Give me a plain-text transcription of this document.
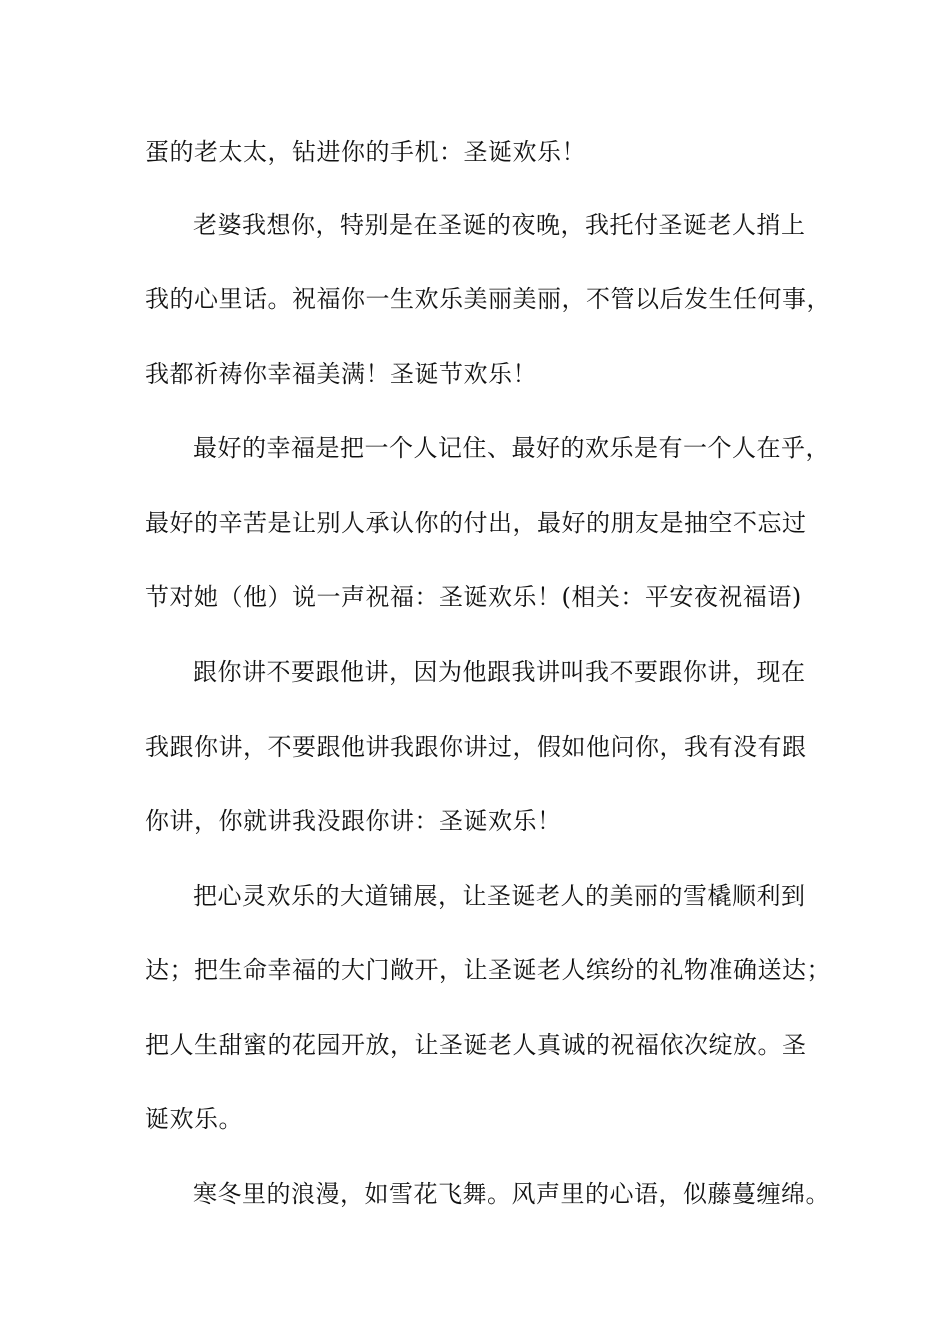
蛋的老太太，钻进你的手机：圣诞欢乐！
老婆我想你，特别是在圣诞的夜晚，我托付圣诞老人捎上
我的心里话。祝福你一生欢乐美丽美丽，不管以后发生任何事，
我都祈祷你幸福美满！圣诞节欢乐！
最好的幸福是把一个人记住、最好的欢乐是有一个人在乎，
最好的辛苦是让别人承认你的付出，最好的朋友是抽空不忘过
节对她（他）说一声祝福：圣诞欢乐！(相关：平安夜祝福语)
跟你讲不要跟他讲，因为他跟我讲叫我不要跟你讲，现在
我跟你讲，不要跟他讲我跟你讲过，假如他问你，我有没有跟
你讲，你就讲我没跟你讲：圣诞欢乐！
把心灵欢乐的大道铺展，让圣诞老人的美丽的雪橇顺利到
达；把生命幸福的大门敞开，让圣诞老人缤纷的礼物准确送达；
把人生甜蜜的花园开放，让圣诞老人真诚的祝福依次绽放。圣
诞欢乐。
寒冬里的浪漫，如雪花飞舞。风声里的心语，似藤蔓缠绵。
